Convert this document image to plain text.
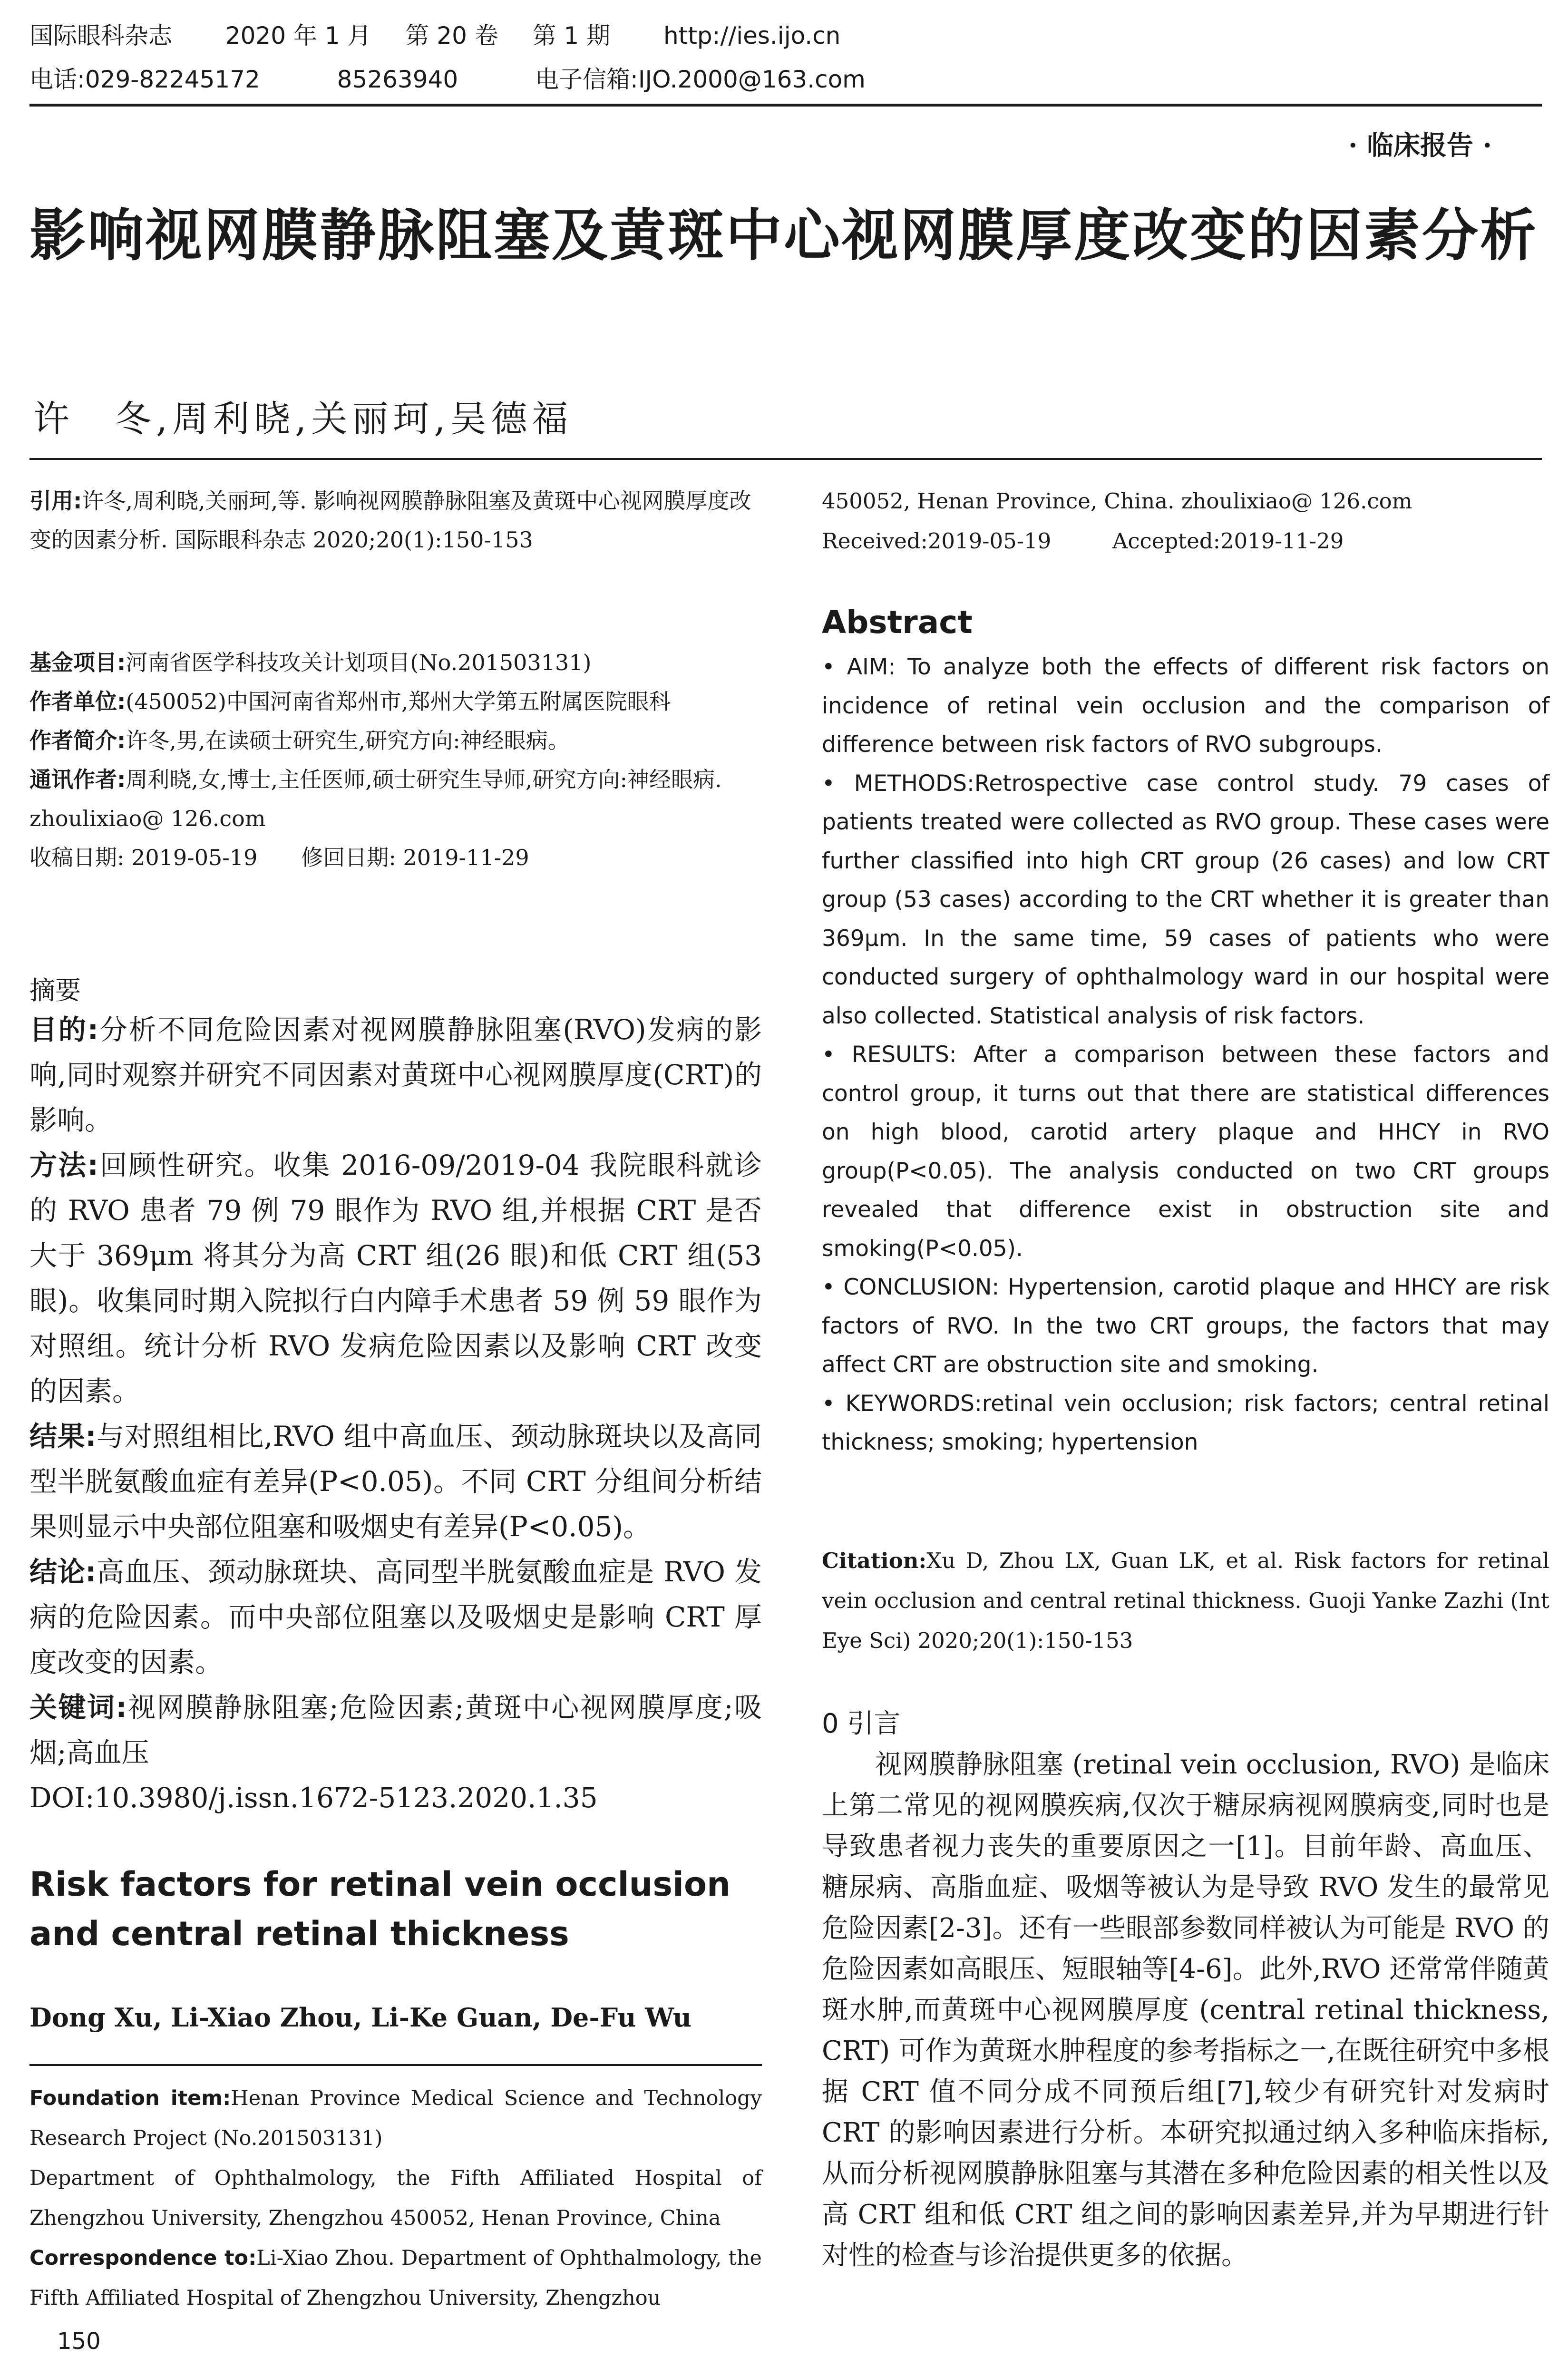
国际眼科杂志 2020 年 1 月 第 20 卷 第 1 期 http://ies.ijo.cn
电话:029-82245172	85263940	电子信箱:IJO.2000@163.com
· 临床报告 ·
影响视网膜静脉阻塞及黄斑中心视网膜厚度改变的因素分析
许　冬,周利晓,关丽珂,吴德福
引用:许冬,周利晓,关丽珂,等. 影响视网膜静脉阻塞及黄斑中心视网膜厚度改变的因素分析. 国际眼科杂志 2020;20(1):150-153
基金项目:河南省医学科技攻关计划项目(No.201503131)
作者单位:(450052)中国河南省郑州市,郑州大学第五附属医院眼科
作者简介:许冬,男,在读硕士研究生,研究方向:神经眼病。
通讯作者:周利晓,女,博士,主任医师,硕士研究生导师,研究方向:神经眼病. zhoulixiao@ 126.com
收稿日期: 2019-05-19　　修回日期: 2019-11-29
摘要
目的:分析不同危险因素对视网膜静脉阻塞(RVO)发病的影响,同时观察并研究不同因素对黄斑中心视网膜厚度(CRT)的影响。
方法:回顾性研究。收集 2016-09/2019-04 我院眼科就诊的 RVO 患者 79 例 79 眼作为 RVO 组,并根据 CRT 是否大于 369μm 将其分为高 CRT 组(26 眼)和低 CRT 组(53 眼)。收集同时期入院拟行白内障手术患者 59 例 59 眼作为对照组。统计分析 RVO 发病危险因素以及影响 CRT 改变的因素。
结果:与对照组相比,RVO 组中高血压、颈动脉斑块以及高同型半胱氨酸血症有差异(P<0.05)。不同 CRT 分组间分析结果则显示中央部位阻塞和吸烟史有差异(P<0.05)。
结论:高血压、颈动脉斑块、高同型半胱氨酸血症是 RVO 发病的危险因素。而中央部位阻塞以及吸烟史是影响 CRT 厚度改变的因素。
关键词:视网膜静脉阻塞;危险因素;黄斑中心视网膜厚度;吸烟;高血压
DOI:10.3980/j.issn.1672-5123.2020.1.35
Risk factors for retinal vein occlusion and central retinal thickness
Dong Xu, Li-Xiao Zhou, Li-Ke Guan, De-Fu Wu
Foundation item:Henan Province Medical Science and Technology Research Project (No.201503131)
Department of Ophthalmology, the Fifth Affiliated Hospital of Zhengzhou University, Zhengzhou 450052, Henan Province, China
Correspondence to:Li-Xiao Zhou. Department of Ophthalmology, the Fifth Affiliated Hospital of Zhengzhou University, Zhengzhou
150
450052, Henan Province, China. zhoulixiao@ 126.com
Received:2019-05-19	Accepted:2019-11-29
Abstract

• AIM: To analyze both the effects of different risk factors on incidence of retinal vein occlusion and the comparison of difference between risk factors of RVO subgroups.

• METHODS:Retrospective case control study. 79 cases of patients treated were collected as RVO group. These cases were further classified into high CRT group (26 cases) and low CRT group (53 cases) according to the CRT whether it is greater than 369μm. In the same time, 59 cases of patients who were conducted surgery of ophthalmology ward in our hospital were also collected. Statistical analysis of risk factors.

• RESULTS: After a comparison between these factors and control group, it turns out that there are statistical differences on high blood, carotid artery plaque and HHCY in RVO group(P<0.05). The analysis conducted on two CRT groups revealed that difference exist in obstruction site and smoking(P<0.05).

• CONCLUSION: Hypertension, carotid plaque and HHCY are risk factors of RVO. In the two CRT groups, the factors that may affect CRT are obstruction site and smoking.

• KEYWORDS:retinal vein occlusion; risk factors; central retinal thickness; smoking; hypertension

Citation:Xu D, Zhou LX, Guan LK, et al. Risk factors for retinal vein occlusion and central retinal thickness. Guoji Yanke Zazhi (Int Eye Sci) 2020;20(1):150-153
0 引言

视网膜静脉阻塞 (retinal vein occlusion, RVO) 是临床上第二常见的视网膜疾病,仅次于糖尿病视网膜病变,同时也是导致患者视力丧失的重要原因之一[1]。目前年龄、高血压、糖尿病、高脂血症、吸烟等被认为是导致 RVO 发生的最常见危险因素[2-3]。还有一些眼部参数同样被认为可能是 RVO 的危险因素如高眼压、短眼轴等[4-6]。此外,RVO 还常常伴随黄斑水肿,而黄斑中心视网膜厚度 (central retinal thickness, CRT) 可作为黄斑水肿程度的参考指标之一,在既往研究中多根据 CRT 值不同分成不同预后组[7],较少有研究针对发病时 CRT 的影响因素进行分析。本研究拟通过纳入多种临床指标,从而分析视网膜静脉阻塞与其潜在多种危险因素的相关性以及高 CRT 组和低 CRT 组之间的影响因素差异,并为早期进行针对性的检查与诊治提供更多的依据。
